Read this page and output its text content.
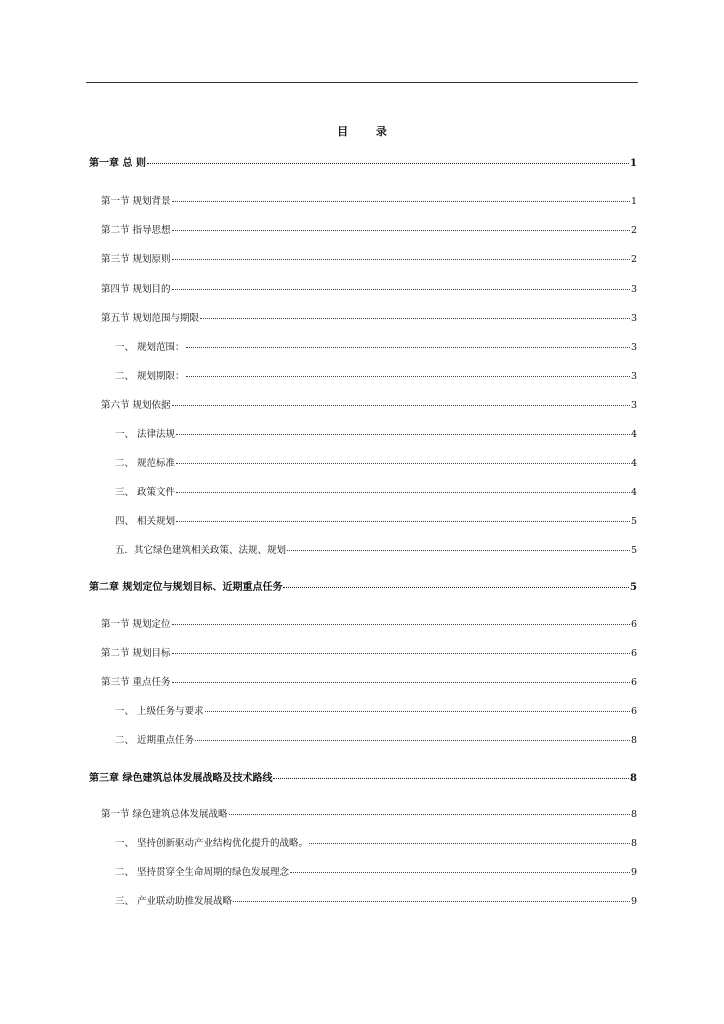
目 录
第一章 总 则	1
第一节 规划背景	1
第二节 指导思想	2
第三节 规划原则	2
第四节 规划目的	3
第五节 规划范围与期限	3
一、 规划范围：	3
二、 规划期限：	3
第六节 规划依据	3
一、 法律法规	4
二、 规范标准	4
三、 政策文件	4
四、 相关规划	5
五．其它绿色建筑相关政策、法规、规划	5
第二章 规划定位与规划目标、近期重点任务	5
第一节 规划定位	6
第二节 规划目标	6
第三节 重点任务	6
一、 上级任务与要求	6
二、 近期重点任务	8
第三章 绿色建筑总体发展战略及技术路线	8
第一节 绿色建筑总体发展战略	8
一、 坚持创新驱动产业结构优化提升的战略。	8
二、 坚持贯穿全生命周期的绿色发展理念	9
三、 产业联动助推发展战略	9
